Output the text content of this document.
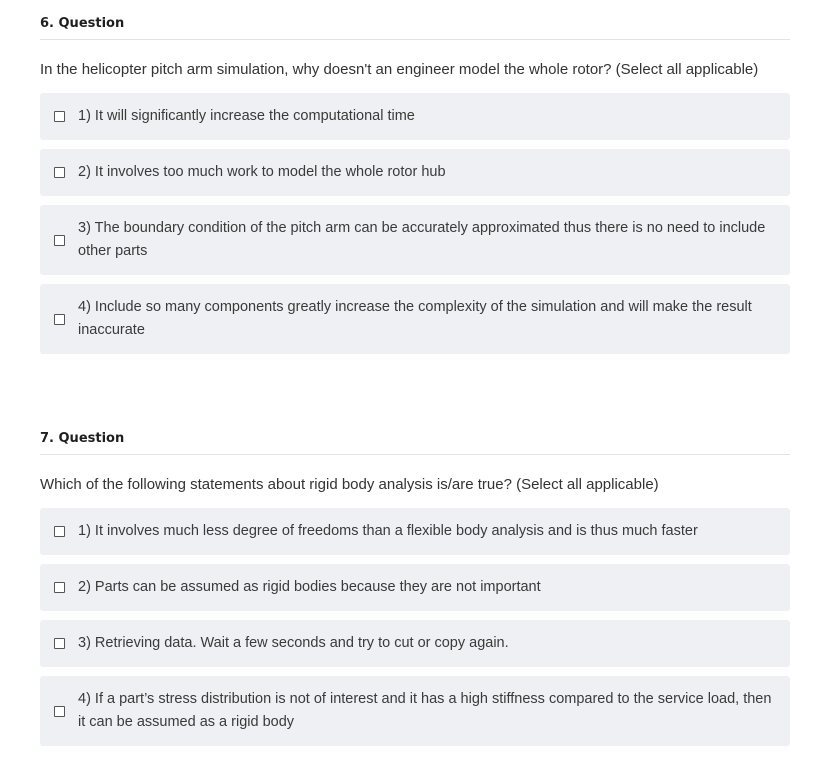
6. Question
In the helicopter pitch arm simulation, why doesn't an engineer model the whole rotor? (Select all applicable)
1) It will significantly increase the computational time
2) It involves too much work to model the whole rotor hub
3) The boundary condition of the pitch arm can be accurately approximated thus there is no need to include other parts
4) Include so many components greatly increase the complexity of the simulation and will make the result inaccurate
7. Question
Which of the following statements about rigid body analysis is/are true? (Select all applicable)
1) It involves much less degree of freedoms than a flexible body analysis and is thus much faster
2) Parts can be assumed as rigid bodies because they are not important
3) Retrieving data. Wait a few seconds and try to cut or copy again.
4) If a part’s stress distribution is not of interest and it has a high stiffness compared to the service load, then it can be assumed as a rigid body
